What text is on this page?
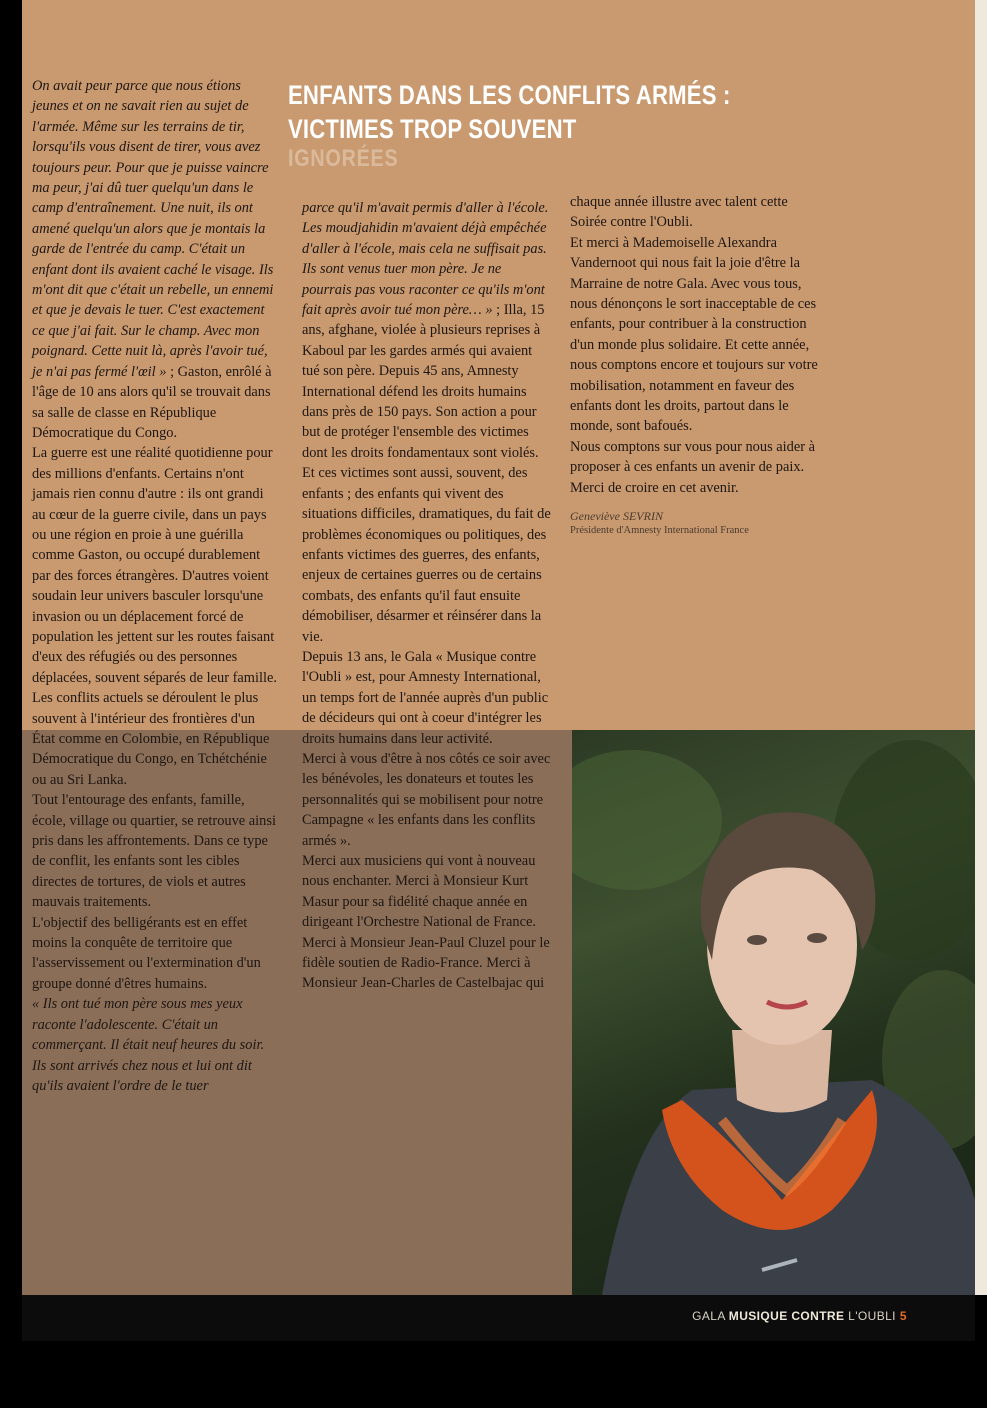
GALA MUSIQUE CONTRE L'OUBLI 5
ENFANTS DANS LES CONFLITS ARMÉS :
VICTIMES TROP SOUVENT
IGNORÉES

On avait peur parce que nous étions jeunes et on ne savait rien au sujet de l'armée. Même sur les terrains de tir, lorsqu'ils vous disent de tirer, vous avez toujours peur. Pour que je puisse vaincre ma peur, j'ai dû tuer quelqu'un dans le camp d'entraînement. Une nuit, ils ont amené quelqu'un alors que je montais la garde de l'entrée du camp. C'était un enfant dont ils avaient caché le visage. Ils m'ont dit que c'était un rebelle, un ennemi et que je devais le tuer. C'est exactement ce que j'ai fait. Sur le champ. Avec mon poignard. Cette nuit là, après l'avoir tué, je n'ai pas fermé l'œil » ; Gaston, enrôlé à l'âge de 10 ans alors qu'il se trouvait dans sa salle de classe en République Démocratique du Congo.

La guerre est une réalité quotidienne pour des millions d'enfants. Certains n'ont jamais rien connu d'autre : ils ont grandi au cœur de la guerre civile, dans un pays ou une région en proie à une guérilla comme Gaston, ou occupé durablement par des forces étrangères. D'autres voient soudain leur univers basculer lorsqu'une invasion ou un déplacement forcé de population les jettent sur les routes faisant d'eux des réfugiés ou des personnes déplacées, souvent séparés de leur famille.

Les conflits actuels se déroulent le plus souvent à l'intérieur des frontières d'un État comme en Colombie, en République Démocratique du Congo, en Tchétchénie ou au Sri Lanka.

Tout l'entourage des enfants, famille, école, village ou quartier, se retrouve ainsi pris dans les affrontements. Dans ce type de conflit, les enfants sont les cibles directes de tortures, de viols et autres mauvais traitements.

L'objectif des belligérants est en effet moins la conquête de territoire que l'asservissement ou l'extermination d'un groupe donné d'êtres humains.

« Ils ont tué mon père sous mes yeux raconte l'adolescente. C'était un commerçant. Il était neuf heures du soir. Ils sont arrivés chez nous et lui ont dit qu'ils avaient l'ordre de le tuer

parce qu'il m'avait permis d'aller à l'école. Les moudjahidin m'avaient déjà empêchée d'aller à l'école, mais cela ne suffisait pas. Ils sont venus tuer mon père. Je ne pourrais pas vous raconter ce qu'ils m'ont fait après avoir tué mon père… » ; Illa, 15 ans, afghane, violée à plusieurs reprises à Kaboul par les gardes armés qui avaient tué son père. Depuis 45 ans, Amnesty International défend les droits humains dans près de 150 pays. Son action a pour but de protéger l'ensemble des victimes dont les droits fondamentaux sont violés. Et ces victimes sont aussi, souvent, des enfants ; des enfants qui vivent des situations difficiles, dramatiques, du fait de problèmes économiques ou politiques, des enfants victimes des guerres, des enfants, enjeux de certaines guerres ou de certains combats, des enfants qu'il faut ensuite démobiliser, désarmer et réinsérer dans la vie.

Depuis 13 ans, le Gala « Musique contre l'Oubli » est, pour Amnesty International, un temps fort de l'année auprès d'un public de décideurs qui ont à coeur d'intégrer les droits humains dans leur activité.

Merci à vous d'être à nos côtés ce soir avec les bénévoles, les donateurs et toutes les personnalités qui se mobilisent pour notre Campagne « les enfants dans les conflits armés ».

Merci aux musiciens qui vont à nouveau nous enchanter. Merci à Monsieur Kurt Masur pour sa fidélité chaque année en dirigeant l'Orchestre National de France.

Merci à Monsieur Jean-Paul Cluzel pour le fidèle soutien de Radio-France. Merci à Monsieur Jean-Charles de Castelbajac qui

chaque année illustre avec talent cette Soirée contre l'Oubli.

Et merci à Mademoiselle Alexandra Vandernoot qui nous fait la joie d'être la Marraine de notre Gala. Avec vous tous, nous dénonçons le sort inacceptable de ces enfants, pour contribuer à la construction d'un monde plus solidaire. Et cette année, nous comptons encore et toujours sur votre mobilisation, notamment en faveur des enfants dont les droits, partout dans le monde, sont bafoués.

Nous comptons sur vous pour nous aider à proposer à ces enfants un avenir de paix.

Merci de croire en cet avenir.

Geneviève SEVRIN
Présidente d'Amnesty International France
